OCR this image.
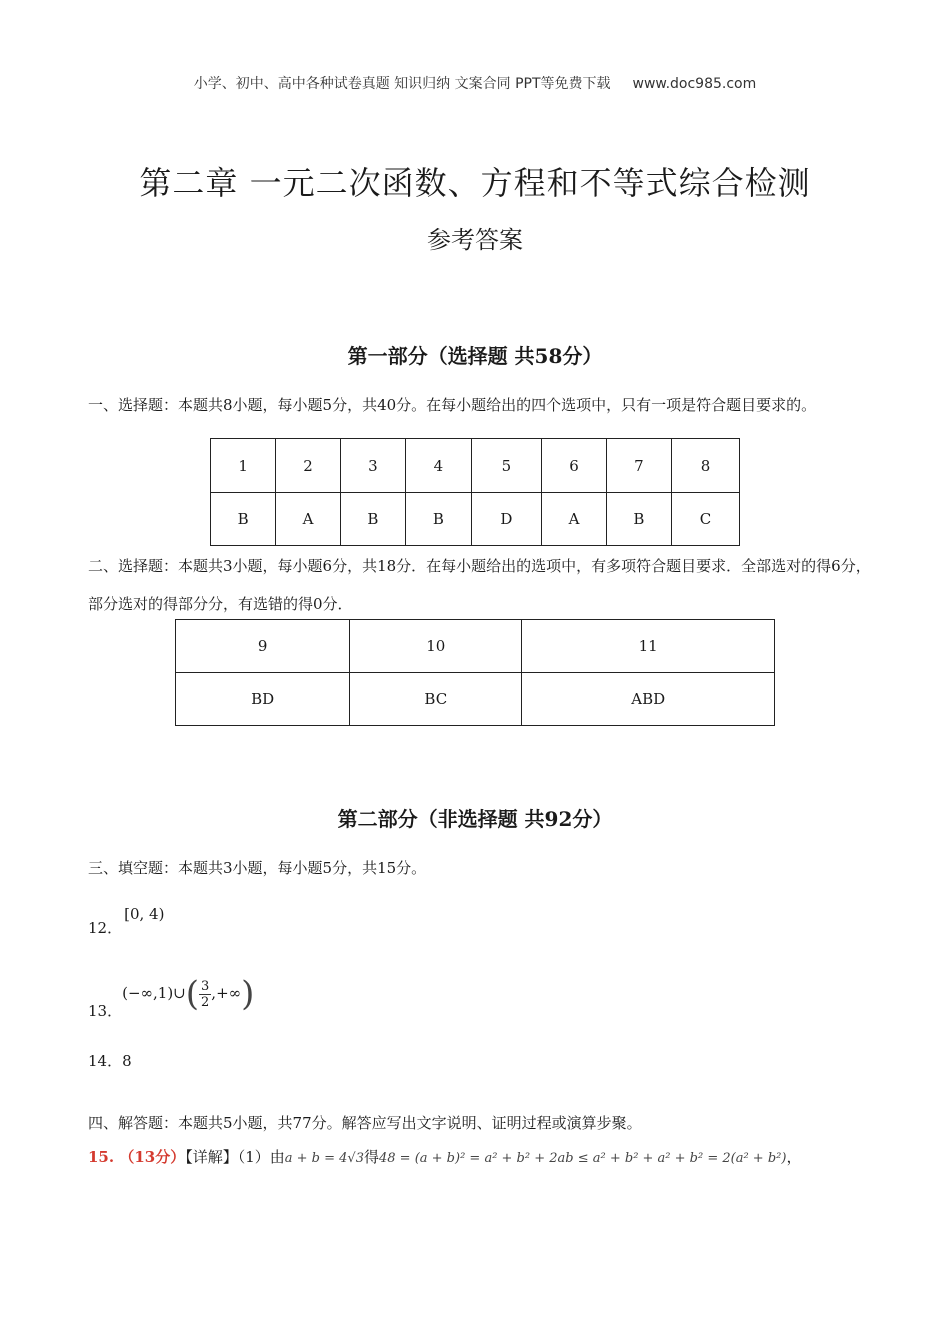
小学、初中、高中各种试卷真题 知识归纳 文案合同 PPT等免费下载 www.doc985.com
第二章 一元二次函数、方程和不等式综合检测
参考答案
第一部分（选择题 共58分）
一、选择题：本题共8小题，每小题5分，共40分。在每小题给出的四个选项中，只有一项是符合题目要求的。
1	2	3	4	5	6	7	8
B	A	B	B	D	A	B	C
二、选择题：本题共3小题，每小题6分，共18分．在每小题给出的选项中，有多项符合题目要求．全部选对的得6分，部分选对的得部分分，有选错的得0分．
9	10	11
BD	BC	ABD
第二部分（非选择题 共92分）
三、填空题：本题共3小题，每小题5分，共15分。
12．[0, 4)
13．(−∞,1)∪( $\frac{3}{2}$ ,+∞)
14．8
四、解答题：本题共5小题，共77分。解答应写出文字说明、证明过程或演算步聚。
15. （13分）【详解】（1）由a + b = 4√3得48 = (a + b)² = a² + b² + 2ab ≤ a² + b² + a² + b² = 2(a² + b²)，
